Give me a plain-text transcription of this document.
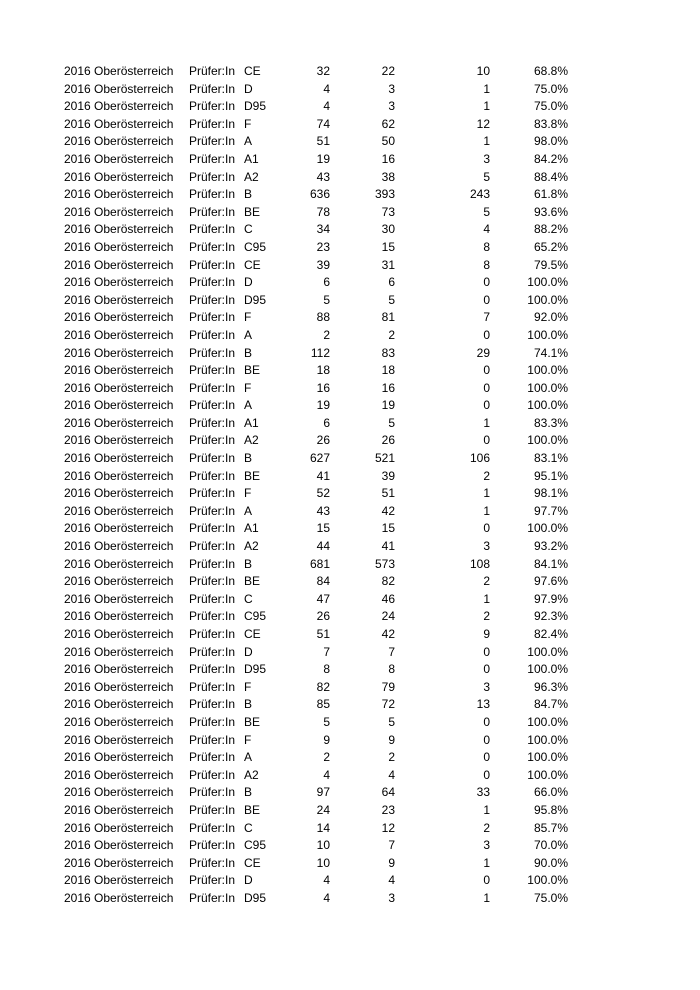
2016 Oberösterreich	Prüfer:In CE	32	22	10	68.8%
2016 Oberösterreich	Prüfer:In D	4	3	1	75.0%
2016 Oberösterreich	Prüfer:In D95	4	3	1	75.0%
2016 Oberösterreich	Prüfer:In F	74	62	12	83.8%
2016 Oberösterreich	Prüfer:In A	51	50	1	98.0%
2016 Oberösterreich	Prüfer:In A1	19	16	3	84.2%
2016 Oberösterreich	Prüfer:In A2	43	38	5	88.4%
2016 Oberösterreich	Prüfer:In B	636	393	243	61.8%
2016 Oberösterreich	Prüfer:In BE	78	73	5	93.6%
2016 Oberösterreich	Prüfer:In C	34	30	4	88.2%
2016 Oberösterreich	Prüfer:In C95	23	15	8	65.2%
2016 Oberösterreich	Prüfer:In CE	39	31	8	79.5%
2016 Oberösterreich	Prüfer:In D	6	6	0	100.0%
2016 Oberösterreich	Prüfer:In D95	5	5	0	100.0%
2016 Oberösterreich	Prüfer:In F	88	81	7	92.0%
2016 Oberösterreich	Prüfer:In A	2	2	0	100.0%
2016 Oberösterreich	Prüfer:In B	112	83	29	74.1%
2016 Oberösterreich	Prüfer:In BE	18	18	0	100.0%
2016 Oberösterreich	Prüfer:In F	16	16	0	100.0%
2016 Oberösterreich	Prüfer:In A	19	19	0	100.0%
2016 Oberösterreich	Prüfer:In A1	6	5	1	83.3%
2016 Oberösterreich	Prüfer:In A2	26	26	0	100.0%
2016 Oberösterreich	Prüfer:In B	627	521	106	83.1%
2016 Oberösterreich	Prüfer:In BE	41	39	2	95.1%
2016 Oberösterreich	Prüfer:In F	52	51	1	98.1%
2016 Oberösterreich	Prüfer:In A	43	42	1	97.7%
2016 Oberösterreich	Prüfer:In A1	15	15	0	100.0%
2016 Oberösterreich	Prüfer:In A2	44	41	3	93.2%
2016 Oberösterreich	Prüfer:In B	681	573	108	84.1%
2016 Oberösterreich	Prüfer:In BE	84	82	2	97.6%
2016 Oberösterreich	Prüfer:In C	47	46	1	97.9%
2016 Oberösterreich	Prüfer:In C95	26	24	2	92.3%
2016 Oberösterreich	Prüfer:In CE	51	42	9	82.4%
2016 Oberösterreich	Prüfer:In D	7	7	0	100.0%
2016 Oberösterreich	Prüfer:In D95	8	8	0	100.0%
2016 Oberösterreich	Prüfer:In F	82	79	3	96.3%
2016 Oberösterreich	Prüfer:In B	85	72	13	84.7%
2016 Oberösterreich	Prüfer:In BE	5	5	0	100.0%
2016 Oberösterreich	Prüfer:In F	9	9	0	100.0%
2016 Oberösterreich	Prüfer:In A	2	2	0	100.0%
2016 Oberösterreich	Prüfer:In A2	4	4	0	100.0%
2016 Oberösterreich	Prüfer:In B	97	64	33	66.0%
2016 Oberösterreich	Prüfer:In BE	24	23	1	95.8%
2016 Oberösterreich	Prüfer:In C	14	12	2	85.7%
2016 Oberösterreich	Prüfer:In C95	10	7	3	70.0%
2016 Oberösterreich	Prüfer:In CE	10	9	1	90.0%
2016 Oberösterreich	Prüfer:In D	4	4	0	100.0%
2016 Oberösterreich	Prüfer:In D95	4	3	1	75.0%
